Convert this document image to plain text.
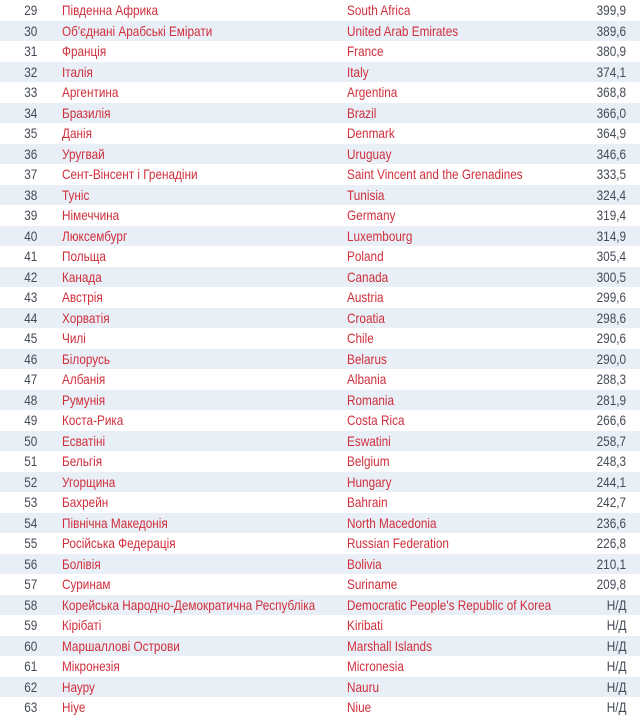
29	Південна Африка	South Africa	399,9
30	Об'єднані Арабські Емірати	United Arab Emirates	389,6
31	Франція	France	380,9
32	Італія	Italy	374,1
33	Аргентина	Argentina	368,8
34	Бразилія	Brazil	366,0
35	Данія	Denmark	364,9
36	Уругвай	Uruguay	346,6
37	Сент-Вінсент і Гренадіни	Saint Vincent and the Grenadines	333,5
38	Туніс	Tunisia	324,4
39	Німеччина	Germany	319,4
40	Люксембург	Luxembourg	314,9
41	Польща	Poland	305,4
42	Канада	Canada	300,5
43	Австрія	Austria	299,6
44	Хорватія	Croatia	298,6
45	Чилі	Chile	290,6
46	Білорусь	Belarus	290,0
47	Албанія	Albania	288,3
48	Румунія	Romania	281,9
49	Коста-Рика	Costa Rica	266,6
50	Есватіні	Eswatini	258,7
51	Бельгія	Belgium	248,3
52	Угорщина	Hungary	244,1
53	Бахрейн	Bahrain	242,7
54	Північна Македонія	North Macedonia	236,6
55	Російська Федерація	Russian Federation	226,8
56	Болівія	Bolivia	210,1
57	Суринам	Suriname	209,8
58	Корейська Народно-Демократична Республіка	Democratic People's Republic of Korea	Н/Д
59	Кірібаті	Kiribati	Н/Д
60	Маршаллові Острови	Marshall Islands	Н/Д
61	Мікронезія	Micronesia	Н/Д
62	Науру	Nauru	Н/Д
63	Ніуе	Niue	Н/Д
